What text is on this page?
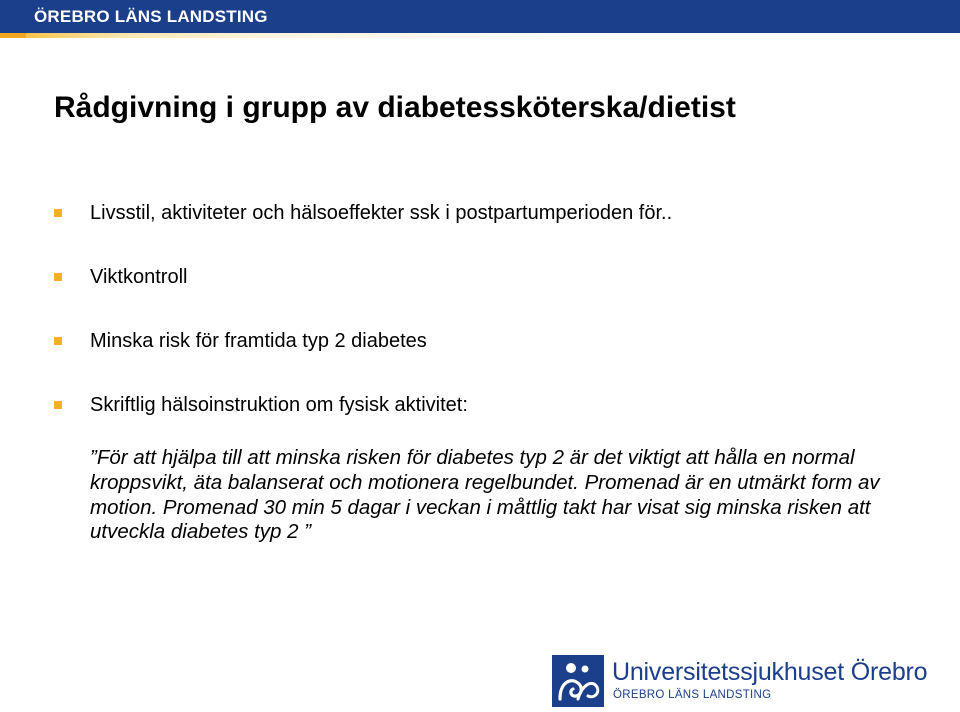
ÖREBRO LÄNS LANDSTING
Rådgivning i grupp av diabetessköterska/dietist
Livsstil, aktiviteter och hälsoeffekter ssk i postpartumperioden för..
Viktkontroll
Minska risk för framtida typ 2 diabetes
Skriftlig hälsoinstruktion om fysisk aktivitet:

”För att hjälpa till att minska risken för diabetes typ 2 är det viktigt att hålla en normal kroppsvikt, äta balanserat och motionera regelbundet. Promenad är en utmärkt form av motion. Promenad 30 min 5 dagar i veckan i måttlig takt har visat sig minska risken att utveckla diabetes typ 2 ”

Universitetssjukhuset Örebro
ÖREBRO LÄNS LANDSTING
